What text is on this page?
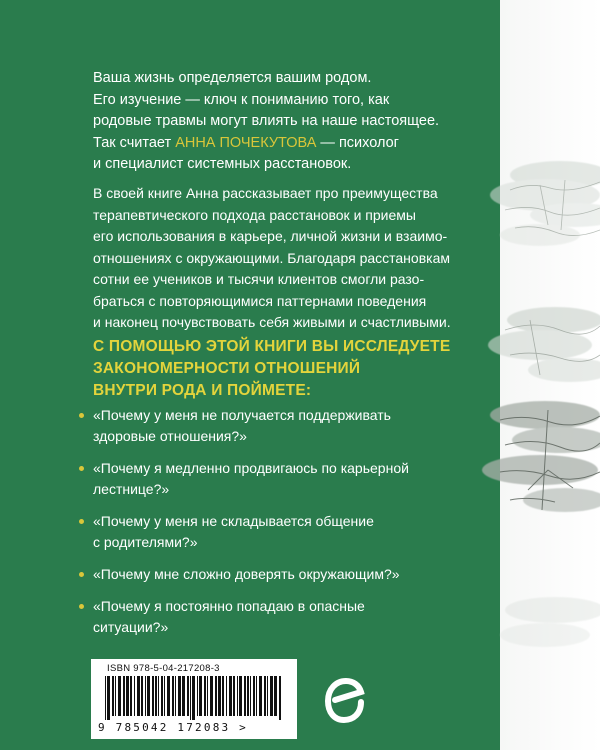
Ваша жизнь определяется вашим родом.

Его изучение — ключ к пониманию того, как

родовые травмы могут влиять на наше настоящее.

Так считает АННА ПОЧЕКУТОВА — психолог

и специалист системных расстановок.

В своей книге Анна рассказывает про преимущества

терапевтического подхода расстановок и приемы

его использования в карьере, личной жизни и взаимо-

отношениях с окружающими. Благодаря расстановкам

сотни ее учеников и тысячи клиентов смогли разо-

браться с повторяющимися паттернами поведения

и наконец почувствовать себя живыми и счастливыми.

С ПОМОЩЬЮ ЭТОЙ КНИГИ ВЫ ИССЛЕДУЕТЕ
ЗАКОНОМЕРНОСТИ ОТНОШЕНИЙ
ВНУТРИ РОДА И ПОЙМЕТЕ:
«Почему у меня не получается поддерживать
здоровые отношения?»
«Почему я медленно продвигаюсь по карьерной
лестнице?»
«Почему у меня не складывается общение
с родителями?»
«Почему мне сложно доверять окружающим?»
«Почему я постоянно попадаю в опасные
ситуации?»
ISBN 978-5-04-217208-3
9 785042 172083 >
